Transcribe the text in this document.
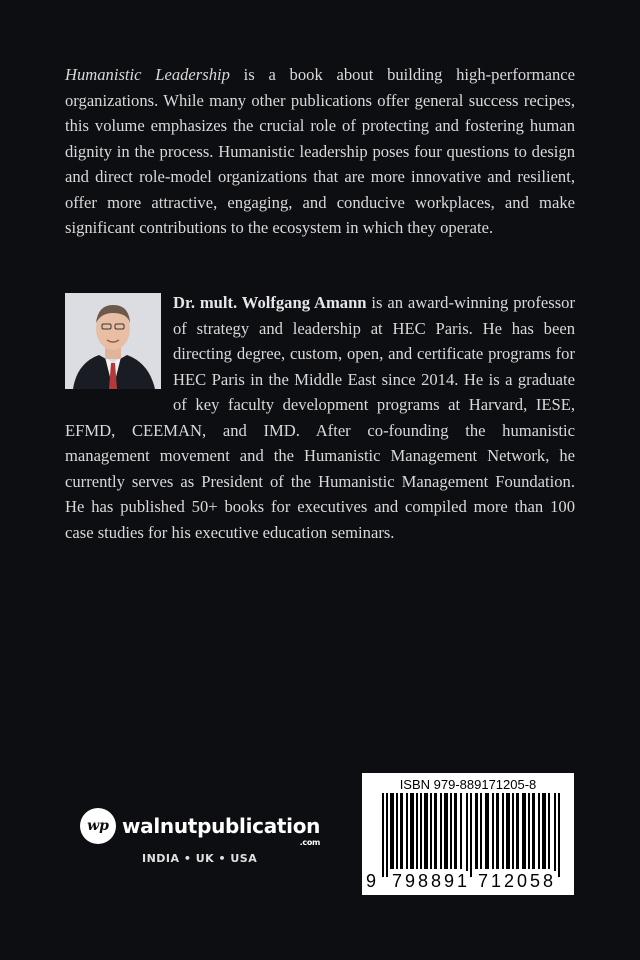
Humanistic Leadership is a book about building high-performance organizations. While many other publications offer general success recipes, this volume emphasizes the crucial role of protecting and fostering human dignity in the process. Humanistic leadership poses four questions to design and direct role-model organizations that are more innovative and resilient, offer more attractive, engaging, and conducive workplaces, and make significant contributions to the ecosystem in which they operate.
Dr. mult. Wolfgang Amann is an award-winning professor of strategy and leadership at HEC Paris. He has been directing degree, custom, open, and certificate programs for HEC Paris in the Middle East since 2014. He is a graduate of key faculty development programs at Harvard, IESE, EFMD, CEEMAN, and IMD. After co-founding the humanistic management movement and the Humanistic Management Network, he currently serves as President of the Humanistic Management Foundation. He has published 50+ books for executives and compiled more than 100 case studies for his executive education seminars.
wp walnutpublication
.com
INDIA • UK • USA
ISBN 979-889171205-8
9 798891 712058
